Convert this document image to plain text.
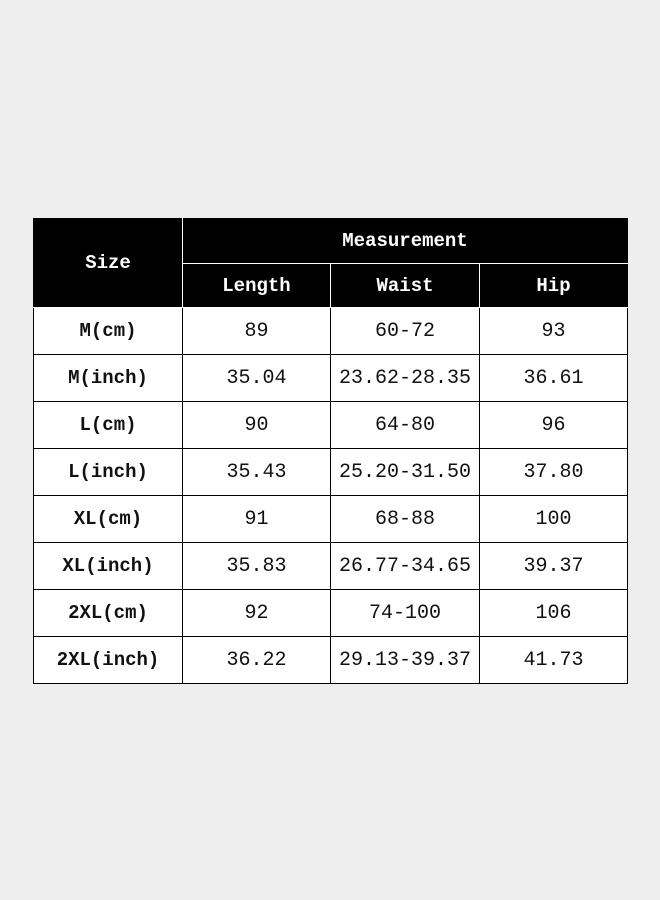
Size	Measurement		
	Length	Waist	Hip
M(cm)	89	60-72	93
M(inch)	35.04	23.62-28.35	36.61
L(cm)	90	64-80	96
L(inch)	35.43	25.20-31.50	37.80
XL(cm)	91	68-88	100
XL(inch)	35.83	26.77-34.65	39.37
2XL(cm)	92	74-100	106
2XL(inch)	36.22	29.13-39.37	41.73
